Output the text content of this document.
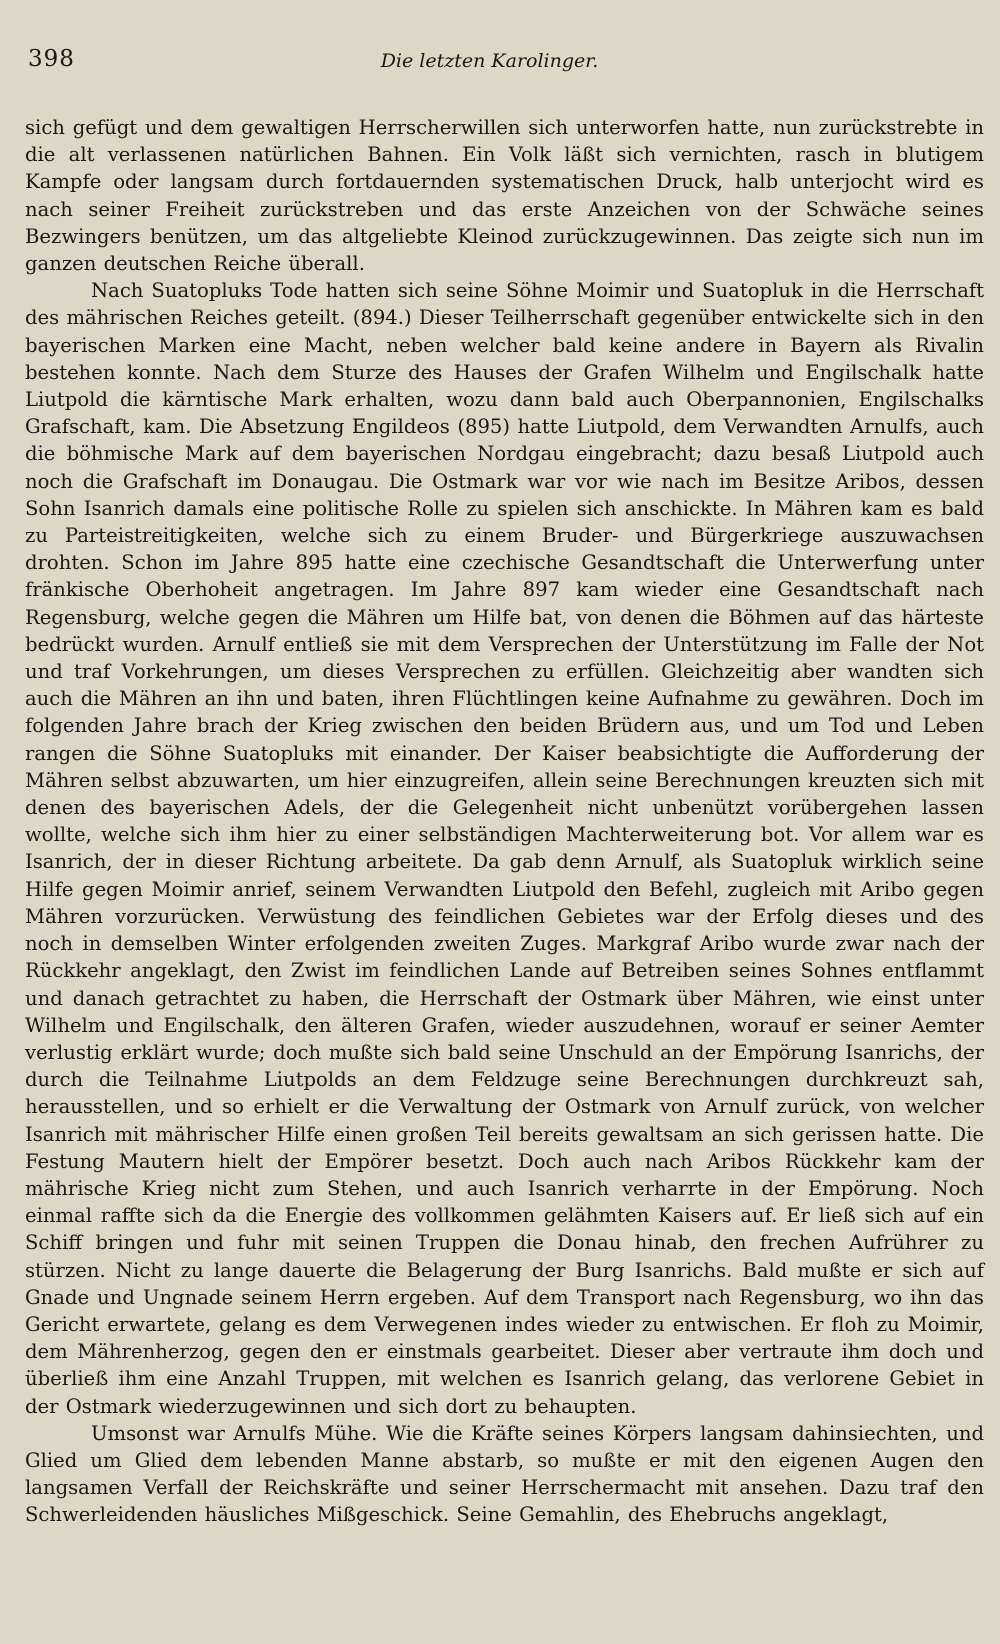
398	Die letzten Karolinger.

sich gefügt und dem gewaltigen Herrscherwillen sich unterworfen hatte, nun zurückstrebte in die alt verlassenen natürlichen Bahnen. Ein Volk läßt sich vernichten, rasch in blutigem Kampfe oder langsam durch fortdauernden systematischen Druck, halb unterjocht wird es nach seiner Freiheit zurückstreben und das erste Anzeichen von der Schwäche seines Bezwingers benützen, um das altgeliebte Kleinod zurückzugewinnen. Das zeigte sich nun im ganzen deutschen Reiche überall.

Nach Suatopluks Tode hatten sich seine Söhne Moimir und Suatopluk in die Herrschaft des mährischen Reiches geteilt. (894.) Dieser Teilherrschaft gegenüber entwickelte sich in den bayerischen Marken eine Macht, neben welcher bald keine andere in Bayern als Rivalin bestehen konnte. Nach dem Sturze des Hauses der Grafen Wilhelm und Engilschalk hatte Liutpold die kärntische Mark erhalten, wozu dann bald auch Oberpannonien, Engilschalks Grafschaft, kam. Die Absetzung Engildeos (895) hatte Liutpold, dem Verwandten Arnulfs, auch die böhmische Mark auf dem bayerischen Nordgau eingebracht; dazu besaß Liutpold auch noch die Grafschaft im Donaugau. Die Ostmark war vor wie nach im Besitze Aribos, dessen Sohn Isanrich damals eine politische Rolle zu spielen sich anschickte. In Mähren kam es bald zu Parteistreitigkeiten, welche sich zu einem Bruder- und Bürgerkriege auszuwachsen drohten. Schon im Jahre 895 hatte eine czechische Gesandtschaft die Unterwerfung unter fränkische Oberhoheit angetragen. Im Jahre 897 kam wieder eine Gesandtschaft nach Regensburg, welche gegen die Mähren um Hilfe bat, von denen die Böhmen auf das härteste bedrückt wurden. Arnulf entließ sie mit dem Versprechen der Unterstützung im Falle der Not und traf Vorkehrungen, um dieses Versprechen zu erfüllen. Gleichzeitig aber wandten sich auch die Mähren an ihn und baten, ihren Flüchtlingen keine Aufnahme zu gewähren. Doch im folgenden Jahre brach der Krieg zwischen den beiden Brüdern aus, und um Tod und Leben rangen die Söhne Suatopluks mit einander. Der Kaiser beabsichtigte die Aufforderung der Mähren selbst abzuwarten, um hier einzugreifen, allein seine Berechnungen kreuzten sich mit denen des bayerischen Adels, der die Gelegenheit nicht unbenützt vorübergehen lassen wollte, welche sich ihm hier zu einer selbständigen Machterweiterung bot. Vor allem war es Isanrich, der in dieser Richtung arbeitete. Da gab denn Arnulf, als Suatopluk wirklich seine Hilfe gegen Moimir anrief, seinem Verwandten Liutpold den Befehl, zugleich mit Aribo gegen Mähren vorzurücken. Verwüstung des feindlichen Gebietes war der Erfolg dieses und des noch in demselben Winter erfolgenden zweiten Zuges. Markgraf Aribo wurde zwar nach der Rückkehr angeklagt, den Zwist im feindlichen Lande auf Betreiben seines Sohnes entflammt und danach getrachtet zu haben, die Herrschaft der Ostmark über Mähren, wie einst unter Wilhelm und Engilschalk, den älteren Grafen, wieder auszudehnen, worauf er seiner Aemter verlustig erklärt wurde; doch mußte sich bald seine Unschuld an der Empörung Isanrichs, der durch die Teilnahme Liutpolds an dem Feldzuge seine Berechnungen durchkreuzt sah, herausstellen, und so erhielt er die Verwaltung der Ostmark von Arnulf zurück, von welcher Isanrich mit mährischer Hilfe einen großen Teil bereits gewaltsam an sich gerissen hatte. Die Festung Mautern hielt der Empörer besetzt. Doch auch nach Aribos Rückkehr kam der mährische Krieg nicht zum Stehen, und auch Isanrich verharrte in der Empörung. Noch einmal raffte sich da die Energie des vollkommen gelähmten Kaisers auf. Er ließ sich auf ein Schiff bringen und fuhr mit seinen Truppen die Donau hinab, den frechen Aufrührer zu stürzen. Nicht zu lange dauerte die Belagerung der Burg Isanrichs. Bald mußte er sich auf Gnade und Ungnade seinem Herrn ergeben. Auf dem Transport nach Regensburg, wo ihn das Gericht erwartete, gelang es dem Verwegenen indes wieder zu entwischen. Er floh zu Moimir, dem Mährenherzog, gegen den er einstmals gearbeitet. Dieser aber vertraute ihm doch und überließ ihm eine Anzahl Truppen, mit welchen es Isanrich gelang, das verlorene Gebiet in der Ostmark wiederzugewinnen und sich dort zu behaupten.

Umsonst war Arnulfs Mühe. Wie die Kräfte seines Körpers langsam dahinsiechten, und Glied um Glied dem lebenden Manne abstarb, so mußte er mit den eigenen Augen den langsamen Verfall der Reichskräfte und seiner Herrschermacht mit ansehen. Dazu traf den Schwerleidenden häusliches Mißgeschick. Seine Gemahlin, des Ehebruchs angeklagt,
